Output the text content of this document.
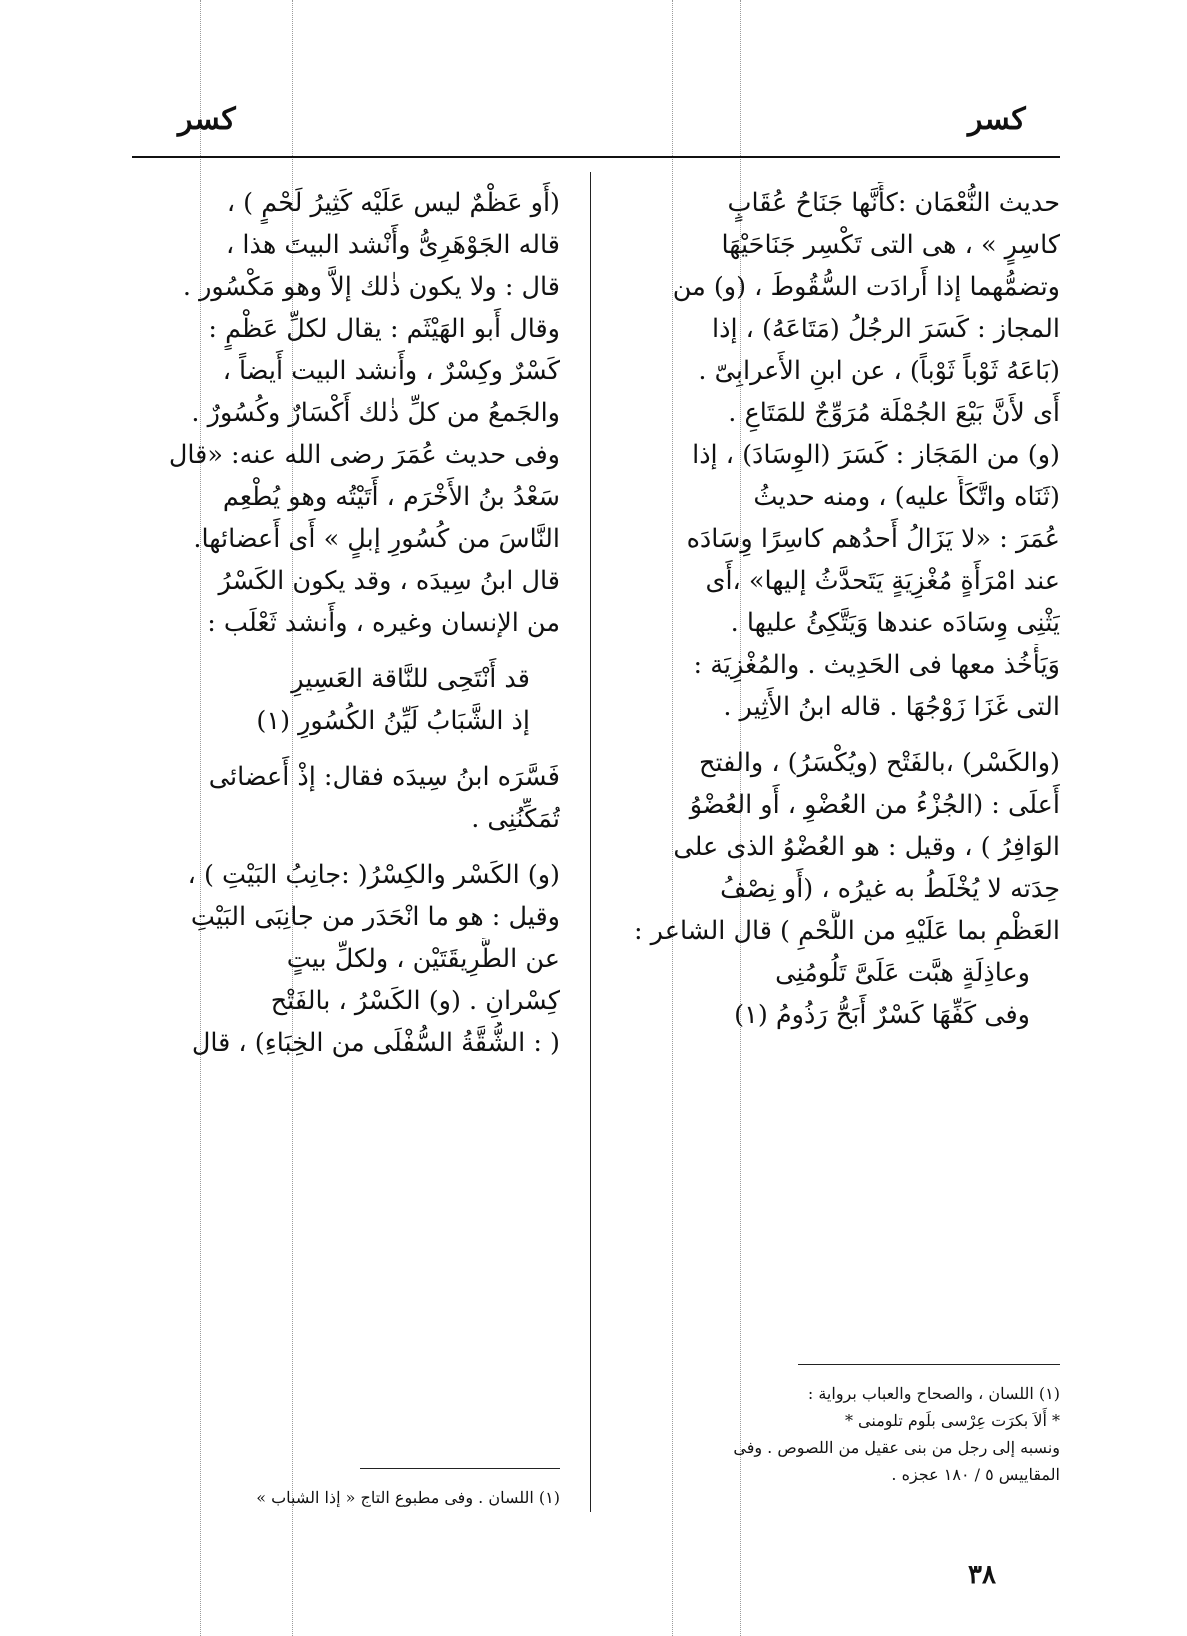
كسر
كسر
حديث النُّعْمَان :كأَنَّها جَنَاحُ عُقَابٍ
كاسِرٍ » ، هى التى تَكْسِر جَنَاحَيْهَا
وتضمُّهما إذا أَرادَت السُّقُوطَ ، (و) من
المجاز : كَسَرَ الرجُلُ (مَتَاعَهُ) ، إذا
(بَاعَهُ ثَوْباً ثَوْباً) ، عن ابنِ الأَعرابِىّ .
أَى لأَنَّ بَيْعَ الجُمْلَة مُرَوِّجٌ للمَتَاعِ .
(و) من المَجَاز : كَسَرَ (الوِسَادَ) ، إذا
(ثَنَاه واتَّكَأَ عليه) ، ومنه حديثُ
عُمَرَ : «لا يَزَالُ أَحدُهم كاسِرًا وِسَادَه
عند امْرَأَةٍ مُغْزِيَةٍ يَتَحدَّثُ إليها» ،أَى
يَثْنِى وِسَادَه عندها وَيَتَّكِئُ عليها .
وَيَأْخُذ معها فى الحَدِيث . والمُغْزِيَة :
التى غَزَا زَوْجُهَا . قاله ابنُ الأَثِير .
(والكَسْر) ،بالفَتْح (ويُكْسَرُ) ، والفتح
أَعلَى : (الجُزْءُ من العُضْوِ ، أَو العُضْوُ
الوَافِرُ ) ، وقيل : هو العُضْوُ الذى على
حِدَته لا يُخْلَطُ به غيرُه ، (أَو نِصْفُ
العَظْمِ بما عَلَيْهِ من اللَّحْمِ ) قال الشاعر :
وعاذِلَةٍ هبَّت عَلَىَّ تَلُومُنِى
وفى كَفِّهَا كَسْرٌ أَبَحُّ رَذُومُ (١)
(أَو عَظْمٌ ليس عَلَيْه كَثِيرُ لَحْمٍ ) ،
قاله الجَوْهَرِىُّ وأَنْشد البيتَ هذا ،
قال : ولا يكون ذٰلك إلاَّ وهو مَكْسُور .
وقال أَبو الهَيْثَم : يقال لكلِّ عَظْمٍ :
كَسْرٌ وكِسْرٌ ، وأَنشد البيت أَيضاً ،
والجَمعُ من كلِّ ذٰلك أَكْسَارٌ وكُسُورٌ .
وفى حديث عُمَرَ رضى الله عنه: «قال
سَعْدُ بنُ الأَخْرَم ، أَتَيْتُه وهو يُطْعِم
النَّاسَ من كُسُورِ إبلٍ » أَى أَعضائها.
قال ابنُ سِيدَه ، وقد يكون الكَسْرُ
من الإنسان وغيره ، وأَنشد ثَعْلَب :
قد أَنْتَحِى للنَّاقة العَسِيرِ
إذ الشَّبَابُ لَيِّنُ الكُسُورِ (١)
فَسَّرَه ابنُ سِيدَه فقال: إذْ أَعضائى
تُمَكِّنُنِى .
(و) الكَسْر والكِسْرُ( :جانِبُ البَيْتِ ) ،
وقيل : هو ما انْحَدَر من جانِبَى البَيْتِ
عن الطَّرِيقَتَيْن ، ولكلِّ بيتٍ
كِسْرانِ . (و) الكَسْرُ ، بالفَتْح
( : الشُّقَّةُ السُّفْلَى من الخِبَاءِ) ، قال
(١) اللسان ، والصحاح والعباب برواية :
* أَلاَ بكرَت عِرْسى بلَوم تلومنى *
ونسبه إلى رجل من بنى عقيل من اللصوص . وفى
المقاييس ٥ / ١٨٠ عجزه .
(١) اللسان . وفى مطبوع التاج « إذا الشباب »
٣٨
